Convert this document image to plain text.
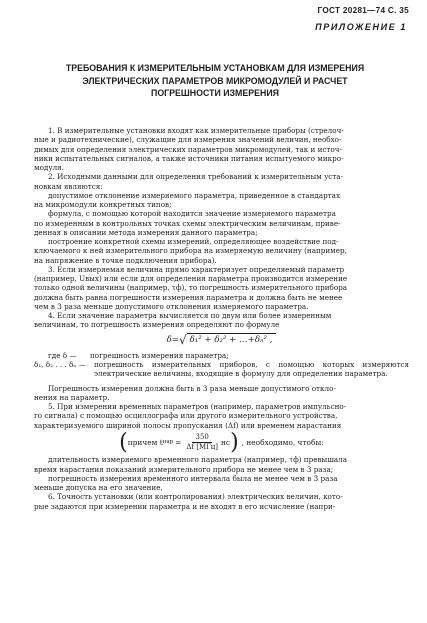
ГОСТ 20281—74 С. 35
ПРИЛОЖЕНИЕ 1
ТРЕБОВАНИЯ К ИЗМЕРИТЕЛЬНЫМ УСТАНОВКАМ ДЛЯ ИЗМЕРЕНИЯ
ЭЛЕКТРИЧЕСКИХ ПАРАМЕТРОВ МИКРОМОДУЛЕЙ И РАСЧЕТ
ПОГРЕШНОСТИ ИЗМЕРЕНИЯ
1. В измерительные установки входят как измерительные приборы (стрелоч-
ные и радиотехнические), служащие для измерения значений величин, необхо-
димых для определения электрических параметров микромодулей, так и источ-
ники испытательных сигналов, а также источники питания испытуемого микро-
модуля.
2. Исходными данными для определения требований к измерительным уста-
новкам являются:
допустимое отклонение измеряемого параметра, приведенное в стандартах
на микромодули конкретных типов;
формула, с помощью которой находится значение измеряемого параметра
по измеренным в контрольных точках схемы электрическим величинам, приве-
денная в описании метода измерения данного параметра;
построение конкретной схемы измерений, определяющее воздействие под-
ключаемого к ней измерительного прибора на измеряемую величину (например,
на напряжение в точке подключения прибора).
3. Если измеряемая величина прямо характеризует определяемый параметр
(например, Uвых) или если для определения параметра производится измерение
только одной величины (например, τф), то погрешность измерительного прибора
должна быть равна погрешности измерения параметра и должна быть не менее
чем в 3 раза меньше допустимого отклонения измеряемого параметра.
4. Если значение параметра вычисляется по двум или более измеренным
величинам, то погрешность измерения определяют по формуле
δ=√ δ₁² + δ₂² + …+δₙ² ,
где δ —	погрешность измерения параметра;
δ₁, δ₂ . . . δₙ —	погрешность измерительных приборов, с помощью которых измеряются электрические величины, входящие в формулу для определения параметра.
Погрешность измерения должна быть в 3 раза меньше допустимого откло-
нения на параметр.
5. При измерении временных параметров (например, параметров импульсно-
го сигнала) с помощью осциллографа или другого измерительного устройства,
характеризуемого шириной полосы пропускания (Δf) или временем нарастания
( причем t нар = $\frac{350}{\text{Δf [МГц]}}$ нс ) , необходимо, чтобы:
длительность измеряемого временного параметра (например, τф) превышала
время нарастания показаний измерительного прибора не менее чем в 3 раза;
погрешность измерения временного интервала была не менее чем в 3 раза
меньше допуска на его значение,
6. Точность установки (или контролирования) электрических величин, кото-
рые задаются при измерении параметра и не входят в его исчисление (напри-
